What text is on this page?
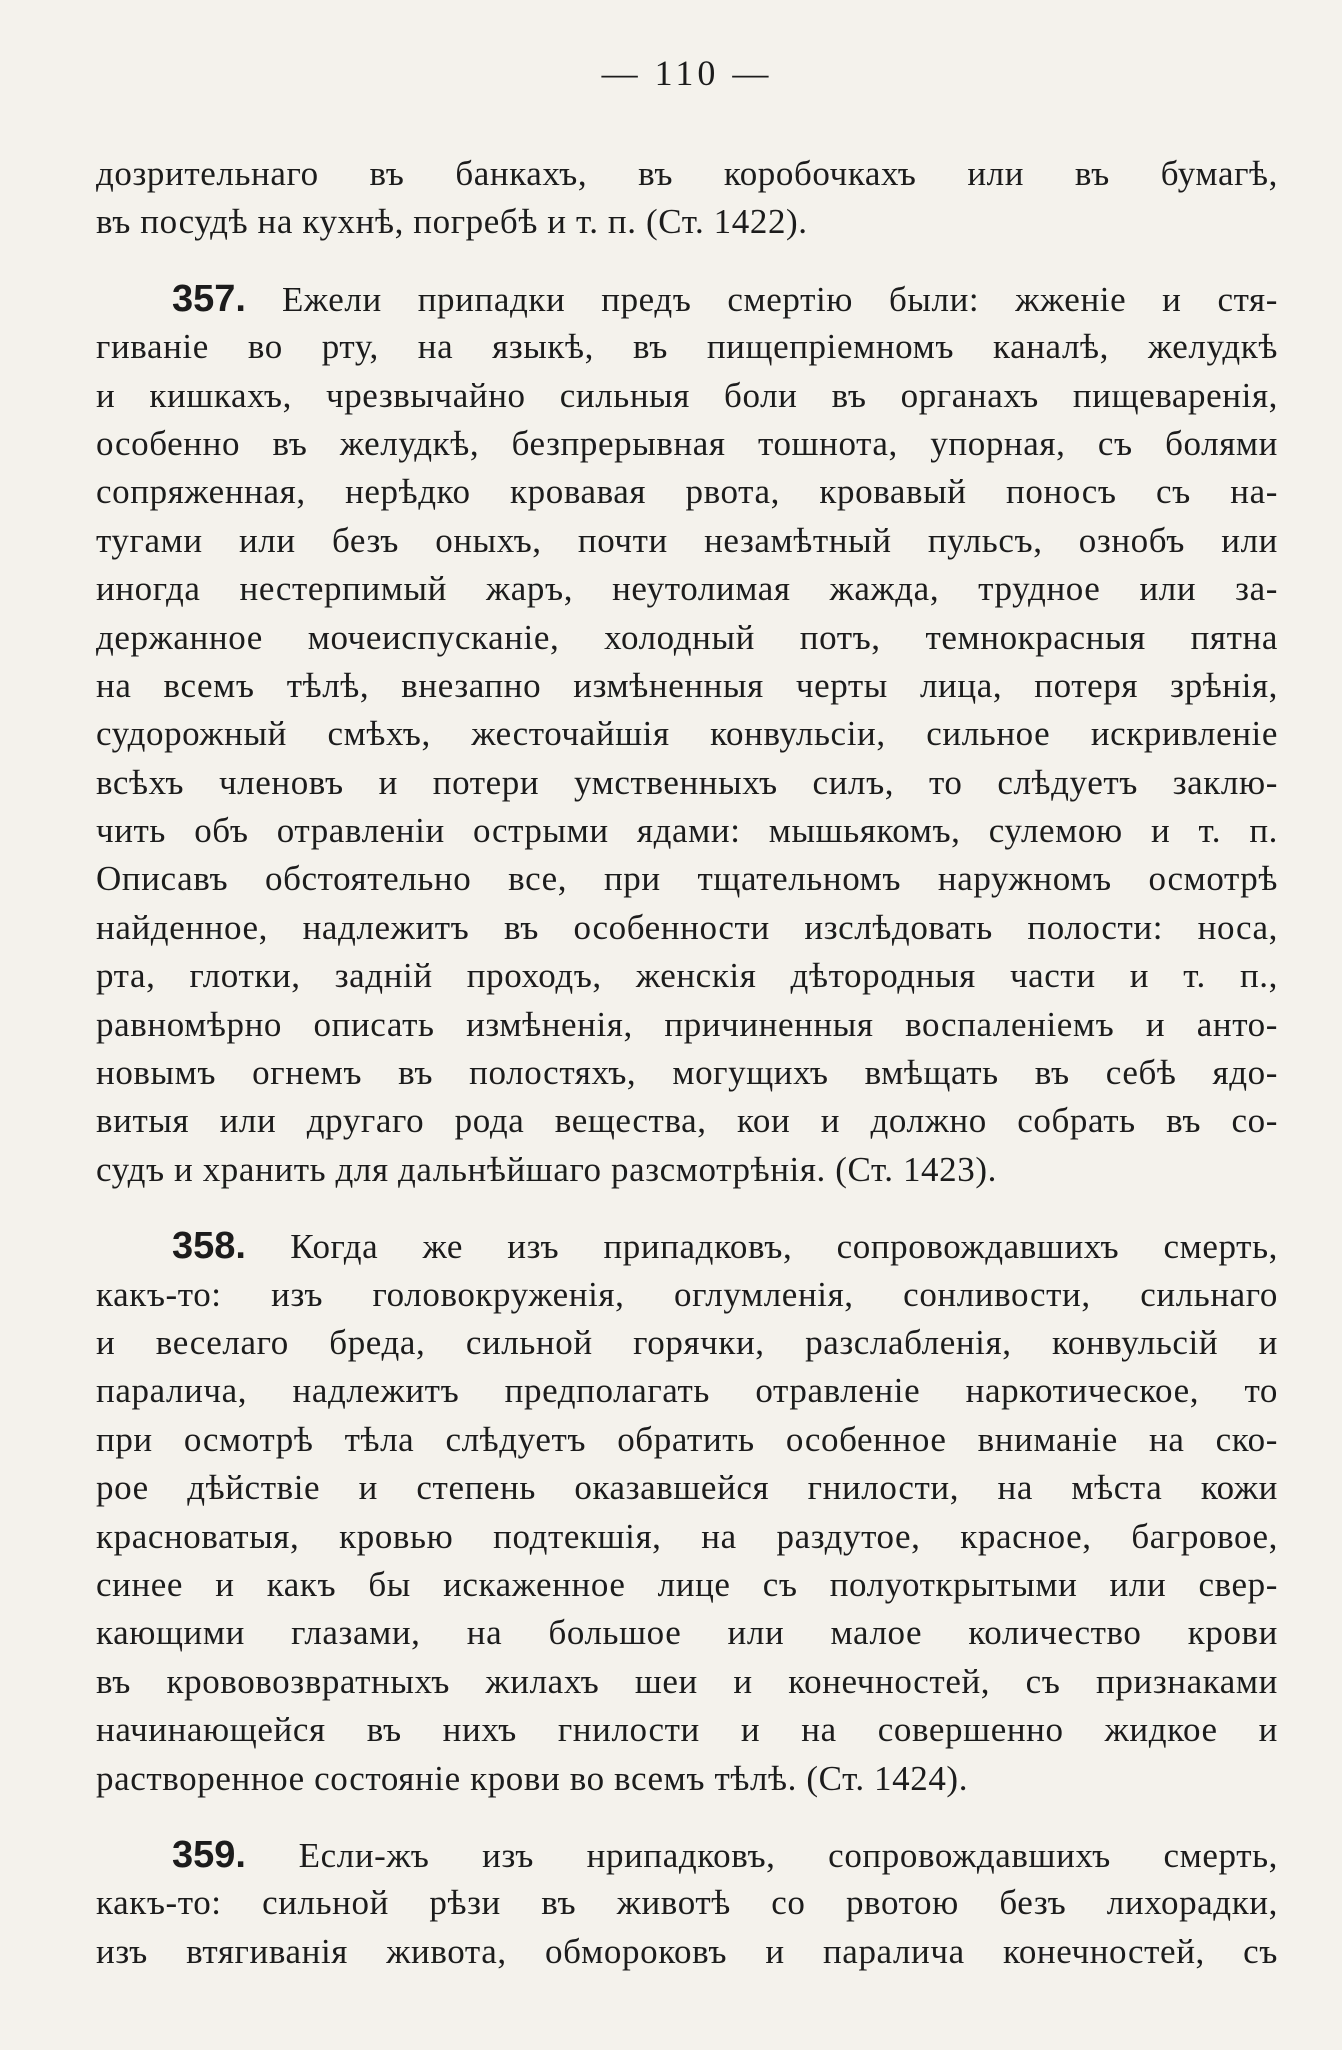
— 110 —
дозрительнаго въ банкахъ, въ коробочкахъ или въ бумагѣ,
въ посудѣ на кухнѣ, погребѣ и т. п. (Ст. 1422).
357. Ежели припадки предъ смертію были: жженіе и стя-
гиваніе во рту, на языкѣ, въ пищепріемномъ каналѣ, желудкѣ
и кишкахъ, чрезвычайно сильныя боли въ органахъ пищеваренія,
особенно въ желудкѣ, безпрерывная тошнота, упорная, съ болями
сопряженная, нерѣдко кровавая рвота, кровавый поносъ съ на-
тугами или безъ оныхъ, почти незамѣтный пульсъ, ознобъ или
иногда нестерпимый жаръ, неутолимая жажда, трудное или за-
держанное мочеиспусканіе, холодный потъ, темнокрасныя пятна
на всемъ тѣлѣ, внезапно измѣненныя черты лица, потеря зрѣнія,
судорожный смѣхъ, жесточайшія конвульсіи, сильное искривленіе
всѣхъ членовъ и потери умственныхъ силъ, то слѣдуетъ заклю-
чить объ отравленіи острыми ядами: мышьякомъ, сулемою и т. п.
Описавъ обстоятельно все, при тщательномъ наружномъ осмотрѣ
найденное, надлежитъ въ особенности изслѣдовать полости: носа,
рта, глотки, задній проходъ, женскія дѣтородныя части и т. п.,
равномѣрно описать измѣненія, причиненныя воспаленіемъ и анто-
новымъ огнемъ въ полостяхъ, могущихъ вмѣщать въ себѣ ядо-
витыя или другаго рода вещества, кои и должно собрать въ со-
судъ и хранить для дальнѣйшаго разсмотрѣнія. (Ст. 1423).
358. Когда же изъ припадковъ, сопровождавшихъ смерть,
какъ-то: изъ головокруженія, оглумленія, сонливости, сильнаго
и веселаго бреда, сильной горячки, разслабленія, конвульсій и
паралича, надлежитъ предполагать отравленіе наркотическое, то
при осмотрѣ тѣла слѣдуетъ обратить особенное вниманіе на ско-
рое дѣйствіе и степень оказавшейся гнилости, на мѣста кожи
красноватыя, кровью подтекшія, на раздутое, красное, багровое,
синее и какъ бы искаженное лице съ полуоткрытыми или свер-
кающими глазами, на большое или малое количество крови
въ крововозвратныхъ жилахъ шеи и конечностей, съ признаками
начинающейся въ нихъ гнилости и на совершенно жидкое и
растворенное состояніе крови во всемъ тѣлѣ. (Ст. 1424).
359. Если-жъ изъ нрипадковъ, сопровождавшихъ смерть,
какъ-то: сильной рѣзи въ животѣ со рвотою безъ лихорадки,
изъ втягиванія живота, обмороковъ и паралича конечностей, съ
